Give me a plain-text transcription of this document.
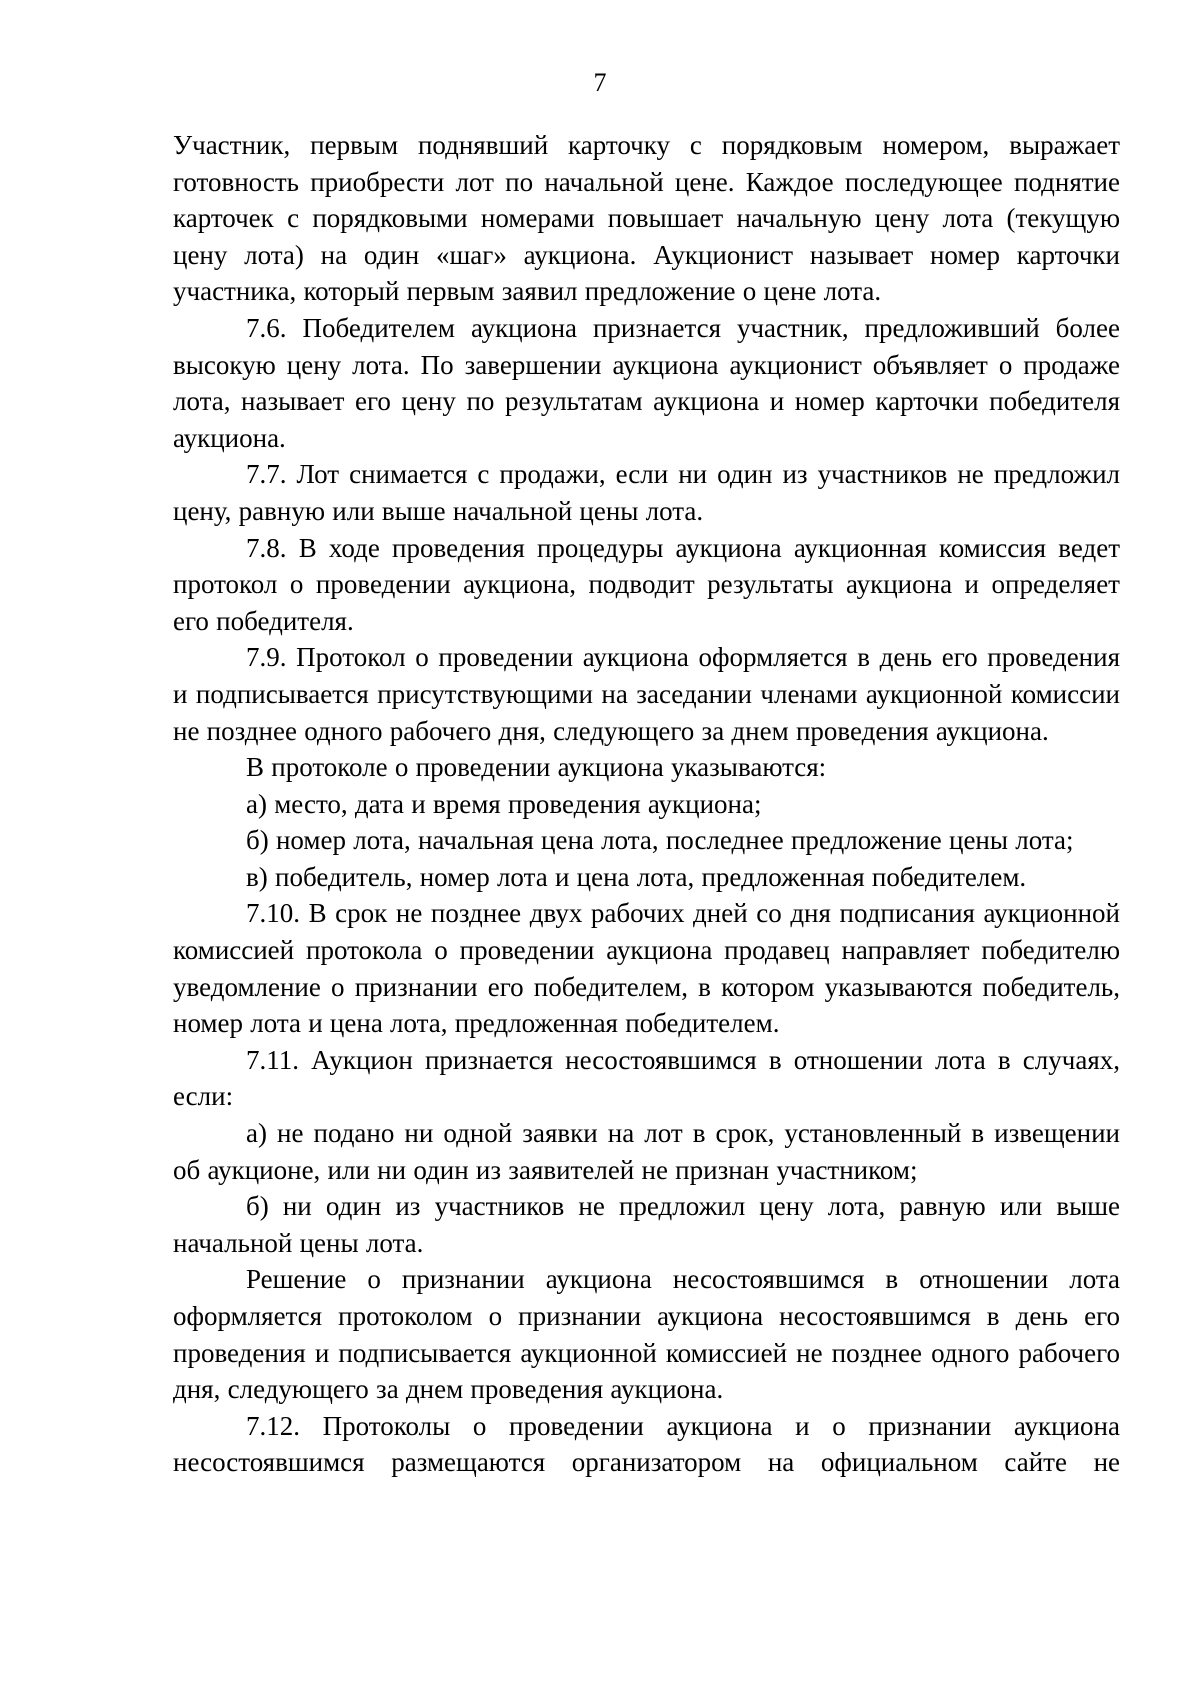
7

Участник, первым поднявший карточку с порядковым номером, выражает готовность приобрести лот по начальной цене. Каждое последующее поднятие карточек с порядковыми номерами повышает начальную цену лота (текущую цену лота) на один «шаг» аукциона. Аукционист называет номер карточки участника, который первым заявил предложение о цене лота.

7.6. Победителем аукциона признается участник, предложивший более высокую цену лота. По завершении аукциона аукционист объявляет о продаже лота, называет его цену по результатам аукциона и номер карточки победителя аукциона.

7.7. Лот снимается с продажи, если ни один из участников не предложил цену, равную или выше начальной цены лота.

7.8. В ходе проведения процедуры аукциона аукционная комиссия ведет протокол о проведении аукциона, подводит результаты аукциона и определяет его победителя.

7.9. Протокол о проведении аукциона оформляется в день его проведения и подписывается присутствующими на заседании членами аукционной комиссии не позднее одного рабочего дня, следующего за днем проведения аукциона.

В протоколе о проведении аукциона указываются:

а) место, дата и время проведения аукциона;

б) номер лота, начальная цена лота, последнее предложение цены лота;

в) победитель, номер лота и цена лота, предложенная победителем.

7.10. В срок не позднее двух рабочих дней со дня подписания аукционной комиссией протокола о проведении аукциона продавец направляет победителю уведомление о признании его победителем, в котором указываются победитель, номер лота и цена лота, предложенная победителем.

7.11. Аукцион признается несостоявшимся в отношении лота в случаях, если:

а) не подано ни одной заявки на лот в срок, установленный в извещении об аукционе, или ни один из заявителей не признан участником;

б) ни один из участников не предложил цену лота, равную или выше начальной цены лота.

Решение о признании аукциона несостоявшимся в отношении лота оформляется протоколом о признании аукциона несостоявшимся в день его проведения и подписывается аукционной комиссией не позднее одного рабочего дня, следующего за днем проведения аукциона.

7.12. Протоколы о проведении аукциона и о признании аукциона несостоявшимся размещаются организатором на официальном сайте не
